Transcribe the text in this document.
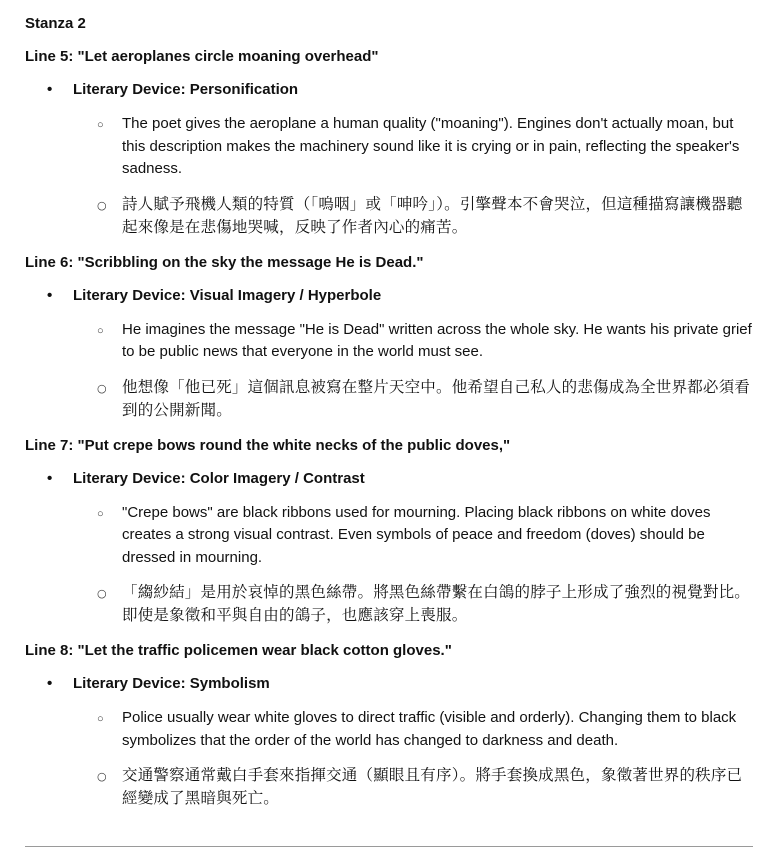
Stanza 2
Line 5: "Let aeroplanes circle moaning overhead"
• Literary Device: Personification
○ The poet gives the aeroplane a human quality ("moaning"). Engines don't actually moan, but this description makes the machinery sound like it is crying or in pain, reflecting the speaker's sadness.
○ 詩人賦予飛機人類的特質（「嗚咽」或「呻吟」）。引擎聲本不會哭泣，但這種描寫讓機器聽起來像是在悲傷地哭喊，反映了作者內心的痛苦。
Line 6: "Scribbling on the sky the message He is Dead."
• Literary Device: Visual Imagery / Hyperbole
○ He imagines the message "He is Dead" written across the whole sky. He wants his private grief to be public news that everyone in the world must see.
○ 他想像「他已死」這個訊息被寫在整片天空中。他希望自己私人的悲傷成為全世界都必須看到的公開新聞。
Line 7: "Put crepe bows round the white necks of the public doves,"
• Literary Device: Color Imagery / Contrast
○ "Crepe bows" are black ribbons used for mourning. Placing black ribbons on white doves creates a strong visual contrast. Even symbols of peace and freedom (doves) should be dressed in mourning.
○ 「縐紗結」是用於哀悼的黑色絲帶。將黑色絲帶繫在白鴿的脖子上形成了強烈的視覺對比。即使是象徵和平與自由的鴿子，也應該穿上喪服。
Line 8: "Let the traffic policemen wear black cotton gloves."
• Literary Device: Symbolism
○ Police usually wear white gloves to direct traffic (visible and orderly). Changing them to black symbolizes that the order of the world has changed to darkness and death.
○ 交通警察通常戴白手套來指揮交通（顯眼且有序）。將手套換成黑色，象徵著世界的秩序已經變成了黑暗與死亡。
